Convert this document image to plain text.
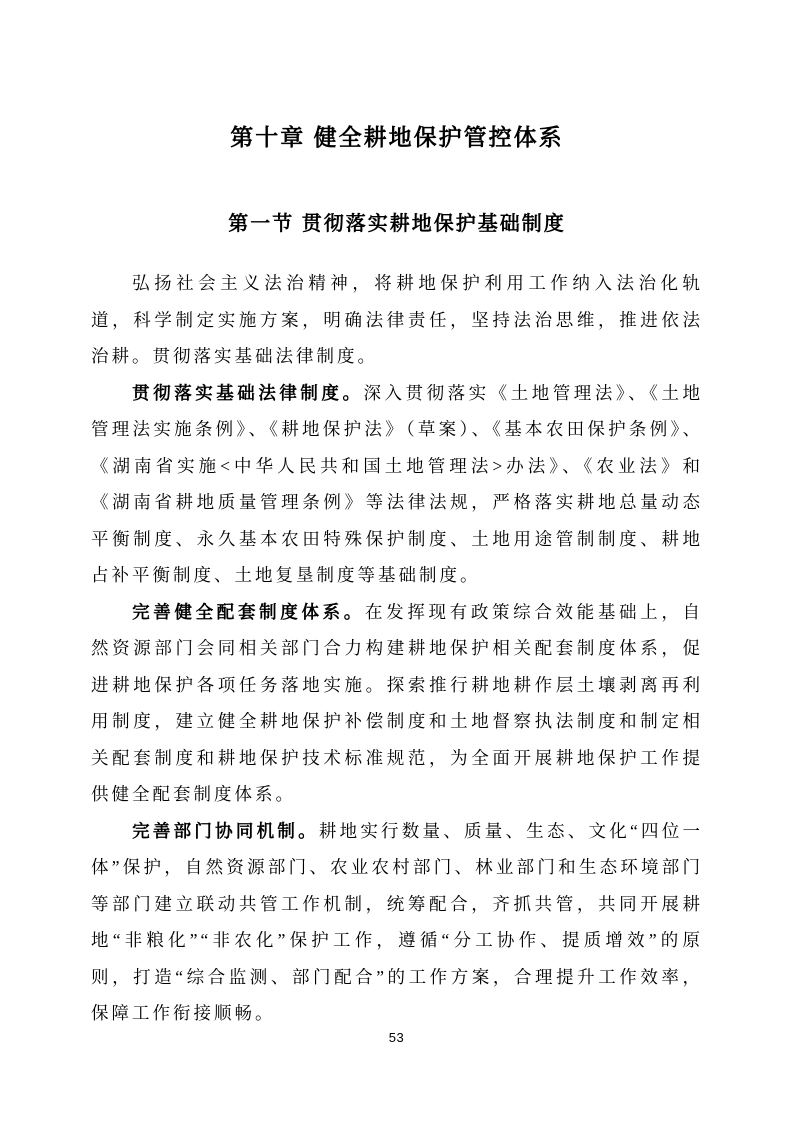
第十章 健全耕地保护管控体系
第一节 贯彻落实耕地保护基础制度

弘扬社会主义法治精神，将耕地保护利用工作纳入法治化轨道，科学制定实施方案，明确法律责任，坚持法治思维，推进依法治耕。贯彻落实基础法律制度。

贯彻落实基础法律制度。深入贯彻落实《土地管理法》、《土地管理法实施条例》、《耕地保护法》（草案）、《基本农田保护条例》、《湖南省实施<中华人民共和国土地管理法>办法》、《农业法》和《湖南省耕地质量管理条例》等法律法规，严格落实耕地总量动态平衡制度、永久基本农田特殊保护制度、土地用途管制制度、耕地占补平衡制度、土地复垦制度等基础制度。

完善健全配套制度体系。在发挥现有政策综合效能基础上，自然资源部门会同相关部门合力构建耕地保护相关配套制度体系，促进耕地保护各项任务落地实施。探索推行耕地耕作层土壤剥离再利用制度，建立健全耕地保护补偿制度和土地督察执法制度和制定相关配套制度和耕地保护技术标准规范，为全面开展耕地保护工作提供健全配套制度体系。

完善部门协同机制。耕地实行数量、质量、生态、文化“四位一体”保护，自然资源部门、农业农村部门、林业部门和生态环境部门等部门建立联动共管工作机制，统筹配合，齐抓共管，共同开展耕地“非粮化”“非农化”保护工作，遵循“分工协作、提质增效”的原则，打造“综合监测、部门配合”的工作方案，合理提升工作效率，保障工作衔接顺畅。

53
